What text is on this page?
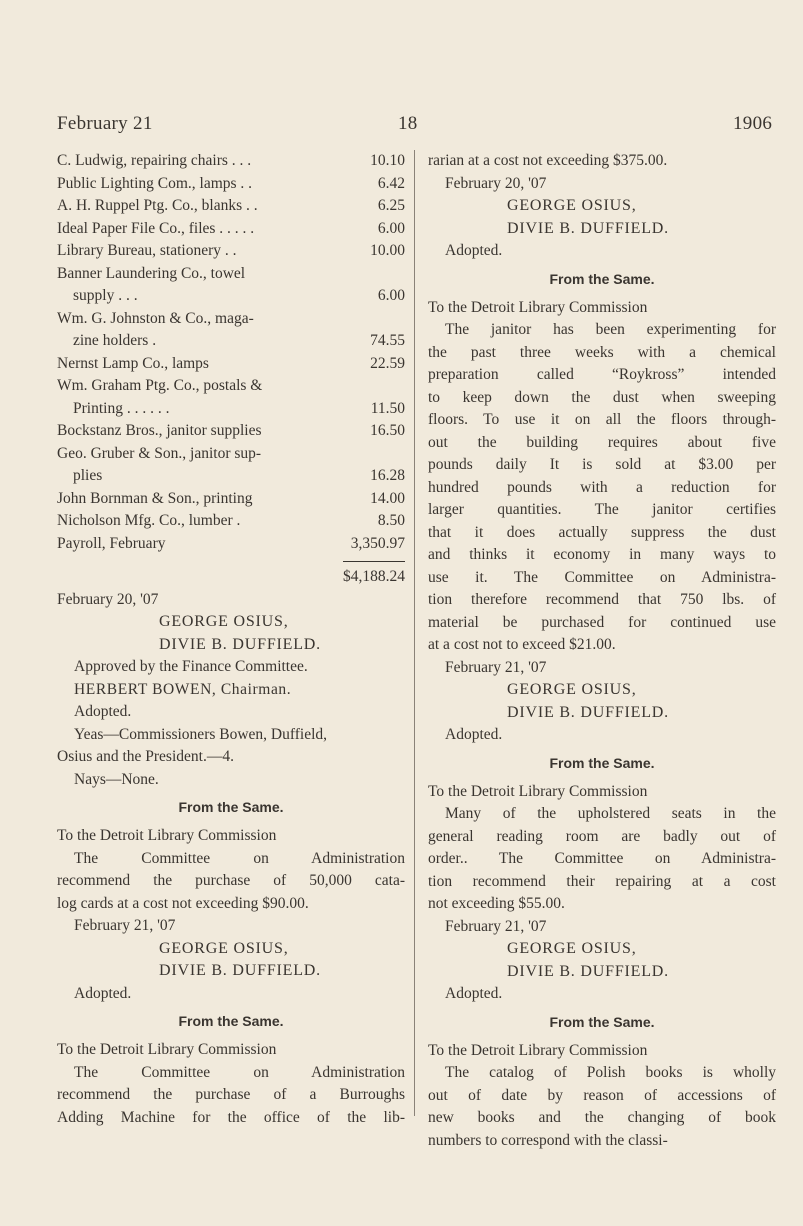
February 21	18	1906
C. Ludwig, repairing chairs . . .	10.10
Public Lighting Com., lamps . .	6.42
A. H. Ruppel Ptg. Co., blanks . .	6.25
Ideal Paper File Co., files . . . . .	6.00
Library Bureau, stationery . .	10.00
Banner Laundering Co., towel
supply . . .	6.00
Wm. G. Johnston & Co., maga-
zine holders .	74.55
Nernst Lamp Co., lamps	22.59
Wm. Graham Ptg. Co., postals &
Printing . . . . . .	11.50
Bockstanz Bros., janitor supplies	16.50
Geo. Gruber & Son., janitor sup-
plies	16.28
John Bornman & Son., printing	14.00
Nicholson Mfg. Co., lumber .	8.50
Payroll, February	3,350.97
$4,188.24
February 20, '07
GEORGE OSIUS,
DIVIE B. DUFFIELD.
Approved by the Finance Committee.
HERBERT BOWEN, Chairman.
Adopted.
Yeas—Commissioners Bowen, Duffield,
Osius and the President.—4.
Nays—None.
From the Same.
To the Detroit Library Commission
The Committee on Administration
recommend the purchase of 50,000 cata-
log cards at a cost not exceeding $90.00.
February 21, '07
GEORGE OSIUS,
DIVIE B. DUFFIELD.
Adopted.
From the Same.
To the Detroit Library Commission
The Committee on Administration
recommend the purchase of a Burroughs
Adding Machine for the office of the lib-
rarian at a cost not exceeding $375.00.
February 20, '07
GEORGE OSIUS,
DIVIE B. DUFFIELD.
Adopted.
From the Same.
To the Detroit Library Commission
The janitor has been experimenting for
the past three weeks with a chemical
preparation called “Roykross” intended
to keep down the dust when sweeping
floors. To use it on all the floors through-
out the building requires about five
pounds daily It is sold at $3.00 per
hundred pounds with a reduction for
larger quantities. The janitor certifies
that it does actually suppress the dust
and thinks it economy in many ways to
use it. The Committee on Administra-
tion therefore recommend that 750 lbs. of
material be purchased for continued use
at a cost not to exceed $21.00.
February 21, '07
GEORGE OSIUS,
DIVIE B. DUFFIELD.
Adopted.
From the Same.
To the Detroit Library Commission
Many of the upholstered seats in the
general reading room are badly out of
order.. The Committee on Administra-
tion recommend their repairing at a cost
not exceeding $55.00.
February 21, '07
GEORGE OSIUS,
DIVIE B. DUFFIELD.
Adopted.
From the Same.
To the Detroit Library Commission
The catalog of Polish books is wholly
out of date by reason of accessions of
new books and the changing of book
numbers to correspond with the classi-
